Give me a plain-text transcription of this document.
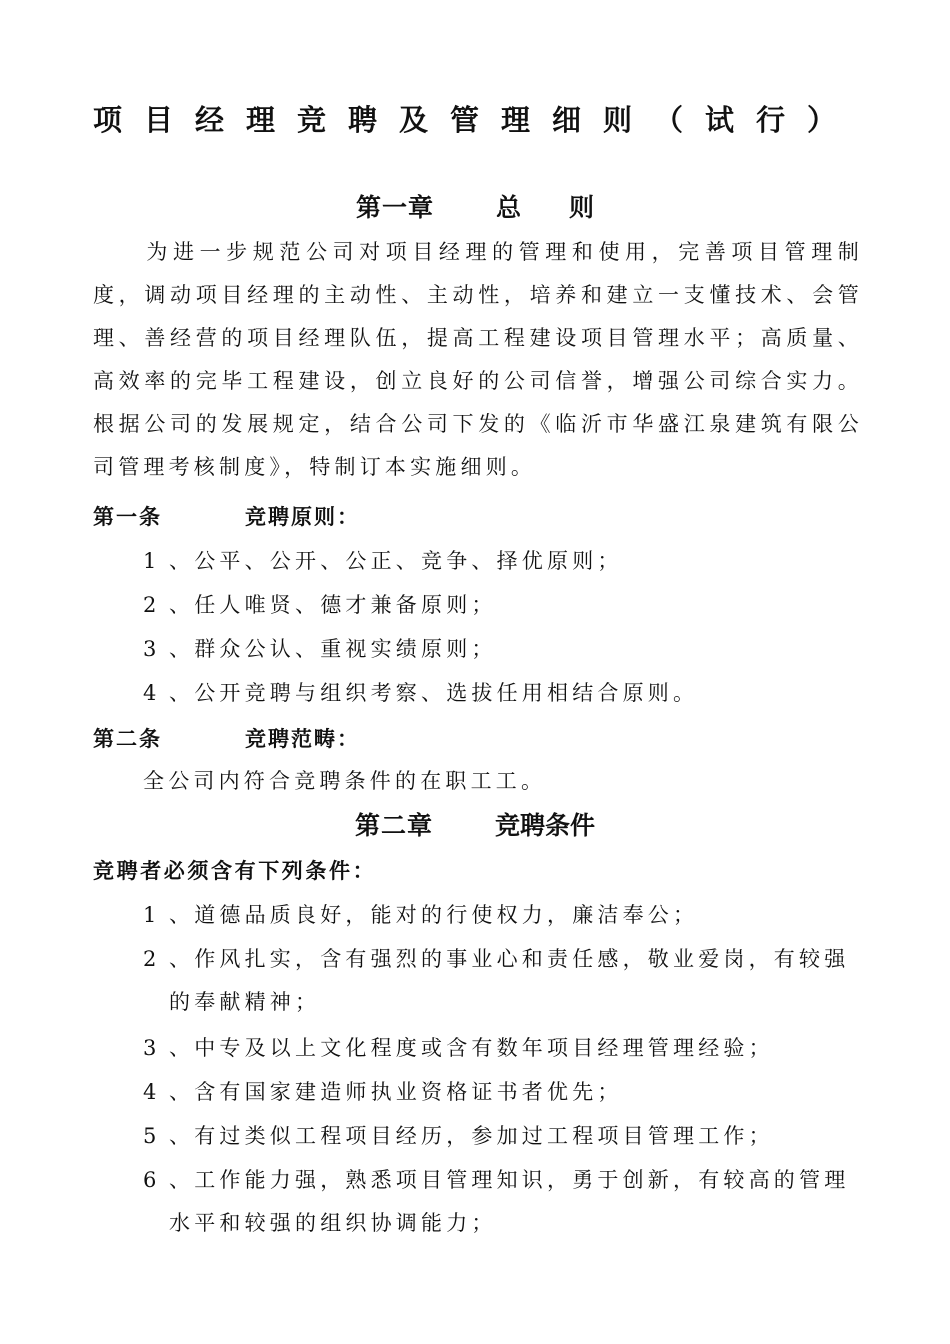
项目经理竞聘及管理细则（试行）
第一章 总则
为进一步规范公司对项目经理的管理和使用，完善项目管理制度，调动项目经理的主动性、主动性，培养和建立一支懂技术、会管理、善经营的项目经理队伍，提高工程建设项目管理水平；高质量、高效率的完毕工程建设，创立良好的公司信誉，增强公司综合实力。根据公司的发展规定，结合公司下发的《临沂市华盛江泉建筑有限公司管理考核制度》，特制订本实施细则。
第一条	竞聘原则：
1 、公平、公开、公正、竞争、择优原则；
2 、任人唯贤、德才兼备原则；
3 、群众公认、重视实绩原则；
4 、公开竞聘与组织考察、选拔任用相结合原则。
第二条	竞聘范畴：
全公司内符合竞聘条件的在职工工。
第二章 竞聘条件
竞聘者必须含有下列条件：
1 、道德品质良好，能对的行使权力，廉洁奉公；
2 、作风扎实，含有强烈的事业心和责任感，敬业爱岗，有较强
的奉献精神；
3 、中专及以上文化程度或含有数年项目经理管理经验；
4 、含有国家建造师执业资格证书者优先；
5 、有过类似工程项目经历，参加过工程项目管理工作；
6 、工作能力强，熟悉项目管理知识，勇于创新，有较高的管理
水平和较强的组织协调能力；
